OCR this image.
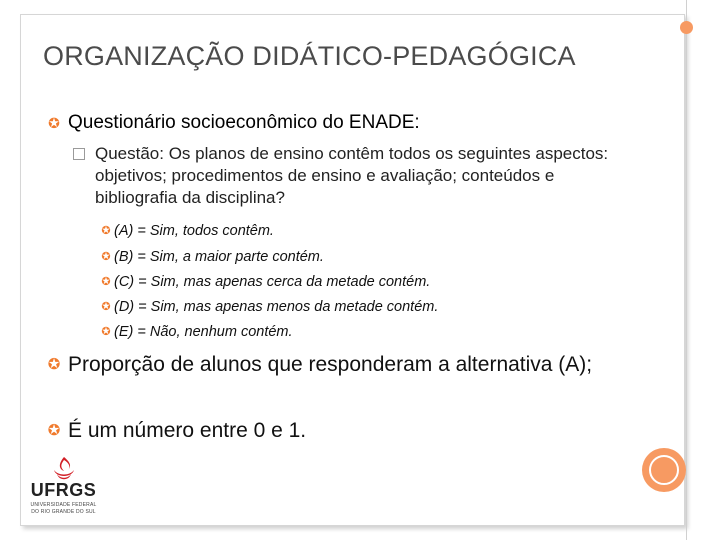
ORGANIZAÇÃO DIDÁTICO-PEDAGÓGICA
✪ Questionário socioeconômico do ENADE:
Questão: Os planos de ensino contêm todos os seguintes aspectos: objetivos; procedimentos de ensino e avaliação; conteúdos e bibliografia da disciplina?
✪ (A) = Sim, todos contêm.
✪ (B) = Sim, a maior parte contém.
✪ (C) = Sim, mas apenas cerca da metade contém.
✪ (D) = Sim, mas apenas menos da metade contém.
✪ (E) = Não, nenhum contém.
✪ Proporção de alunos que responderam a alternativa (A);
✪ É um número entre 0 e 1.
UFRGS
UNIVERSIDADE FEDERAL
DO RIO GRANDE DO SUL
